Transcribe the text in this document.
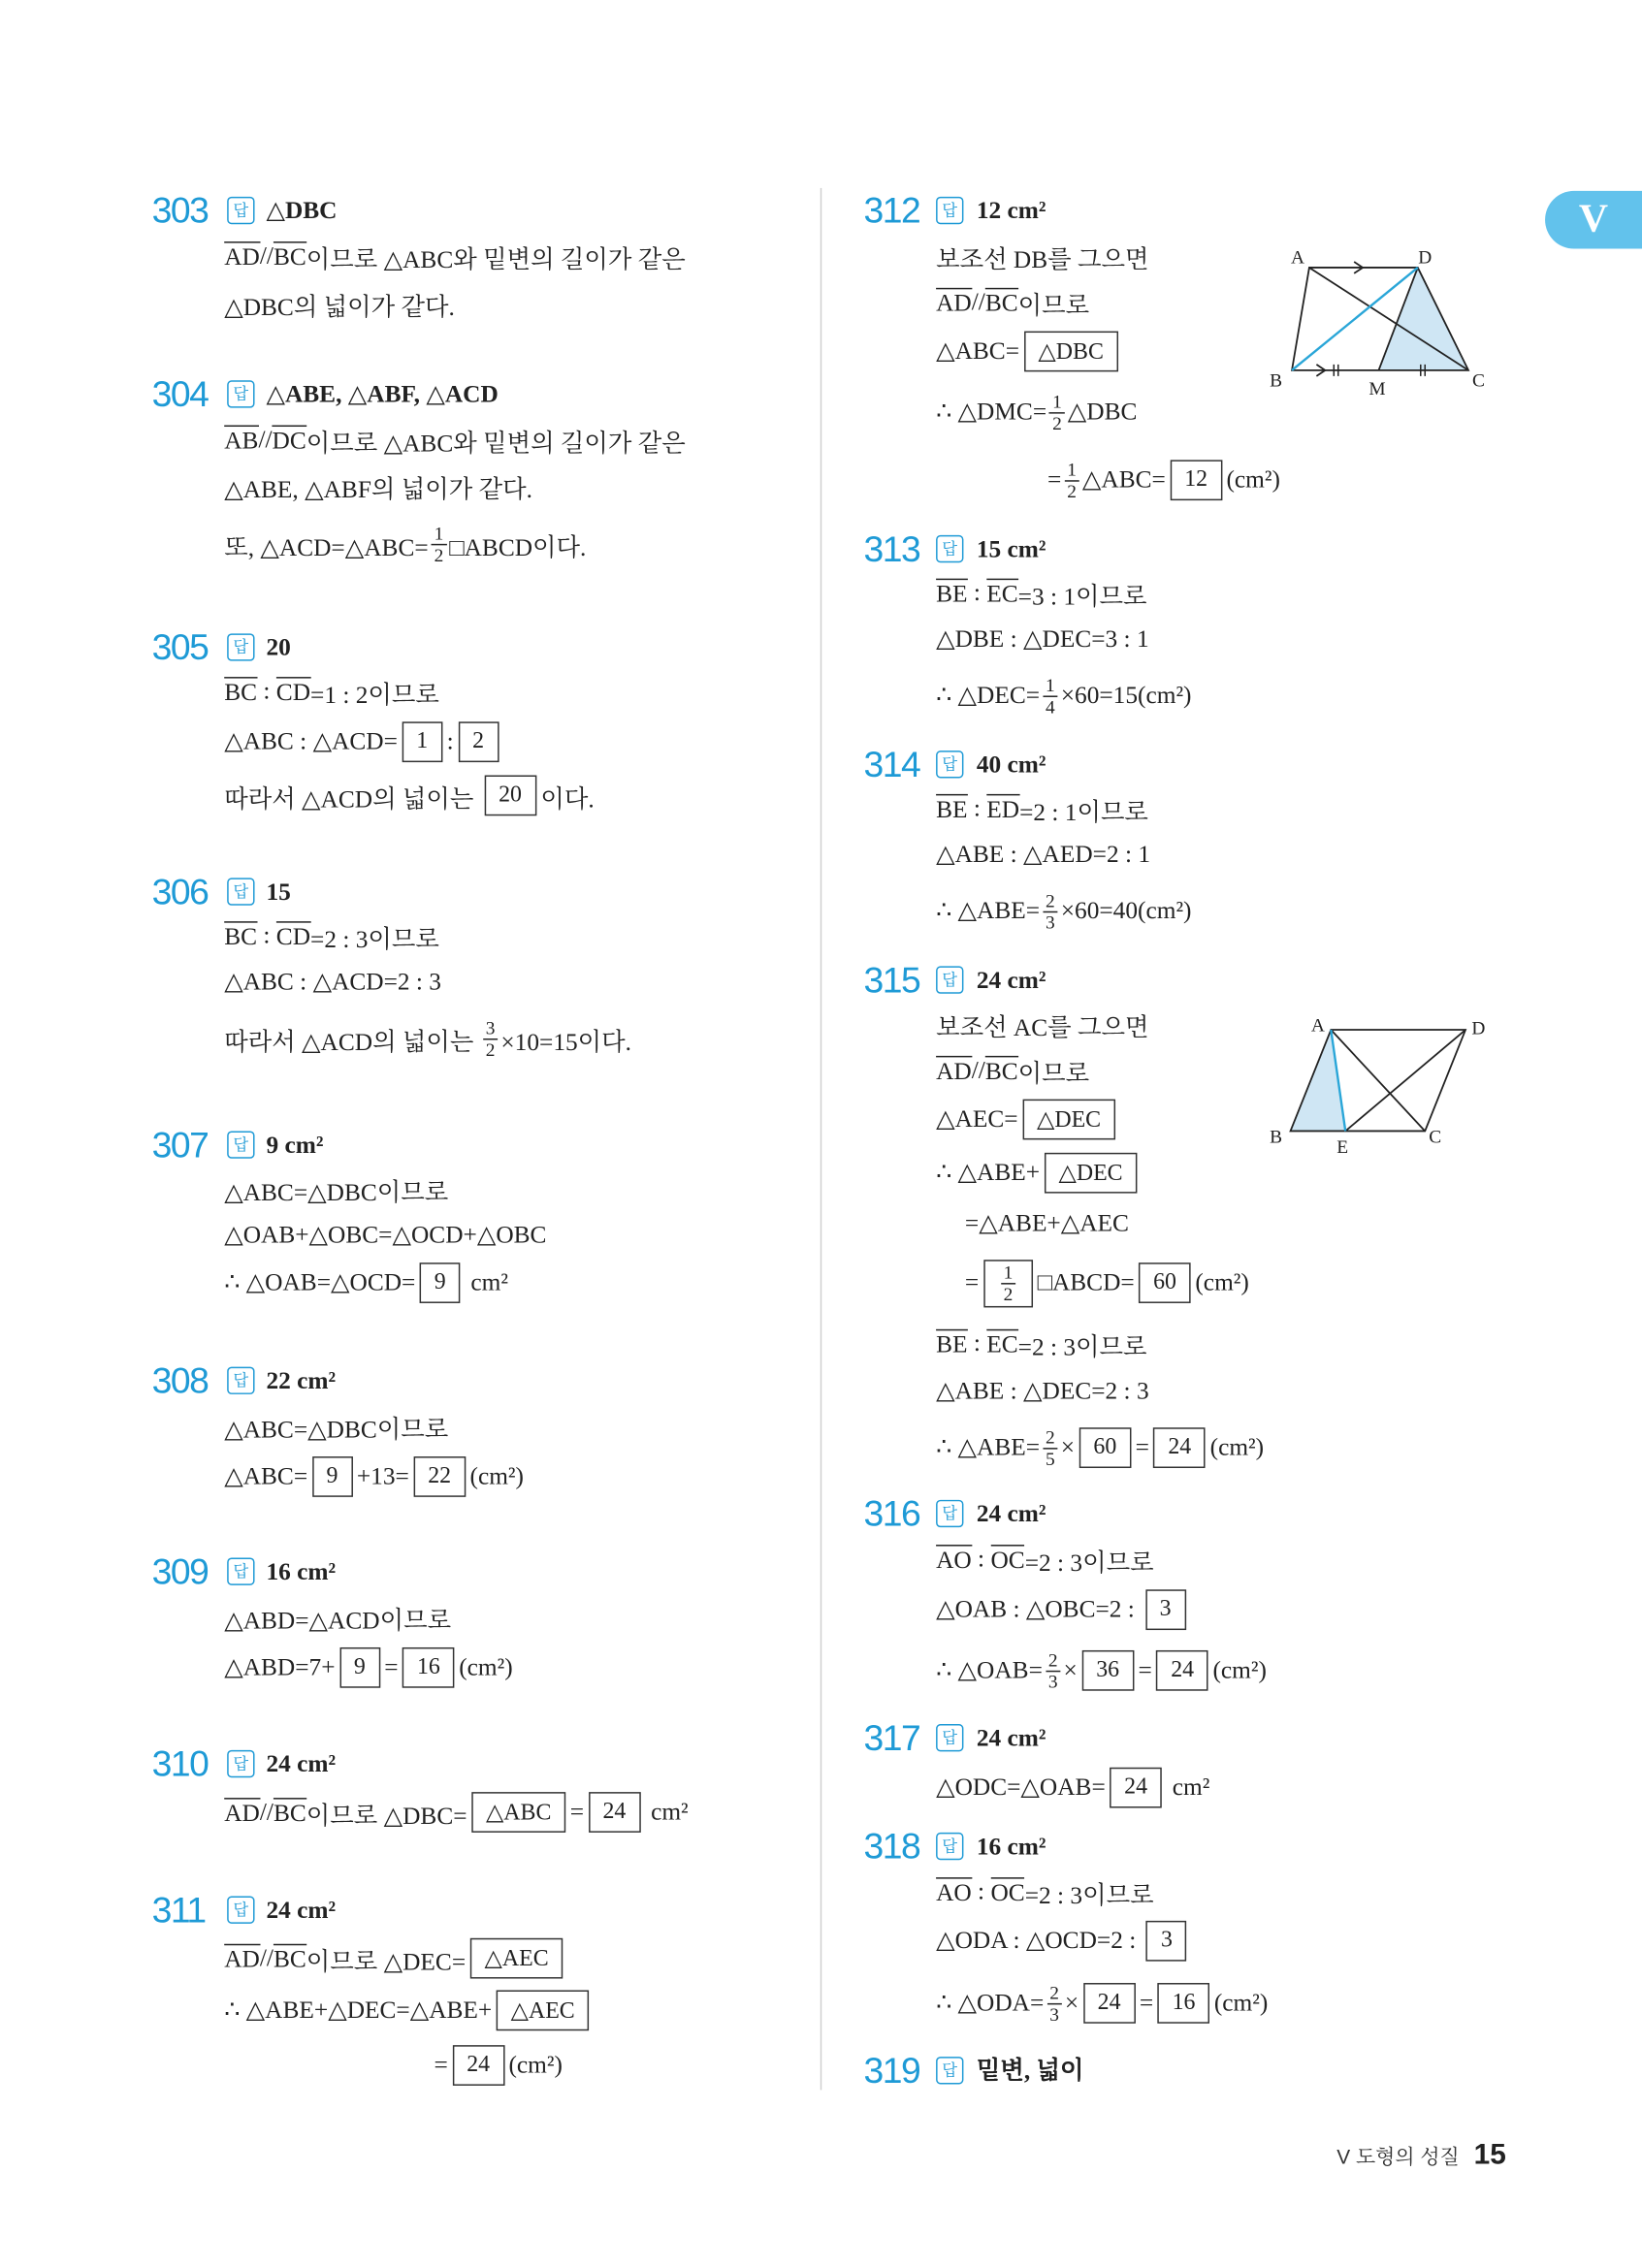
V
A	D
B	M	C
A	D
B	E	C
V 도형의 성질 15
303	답	△DBC
AD // BC 이므로 △ABC와 밑변의 길이가 같은
△DBC의 넓이가 같다.
304	답	△ABE, △ABF, △ACD
AB // DC 이므로 △ABC와 밑변의 길이가 같은
△ABE, △ABF의 넓이가 같다.
또, △ACD=△ABC= $\frac{1}{2}$ □ABCD이다.
305	답	20
BC : CD =1 : 2이므로
△ABC : △ACD=	1	:	2
따라서 △ACD의 넓이는	20	이다.
306	답	15
BC : CD =2 : 3이므로
△ABC : △ACD=2 : 3
따라서 △ACD의 넓이는 $\frac{3}{2} \times 10=15$이다.
307	답	9 cm²
△ABC=△DBC이므로
△OAB+△OBC=△OCD+△OBC
∴ △OAB=△OCD=	9	cm²
308	답	22 cm²
△ABC=△DBC이므로
△ABC=	9	+13=	22	(cm²)
309	답	16 cm²
△ABD=△ACD이므로
△ABD=7+	9	=	16	(cm²)
310	답	24 cm²
AD // BC 이므로 △DBC=	△ABC	=	24	cm²
311	답	24 cm²
AD // BC 이므로 △DEC=	△AEC
∴ △ABE+△DEC=△ABE+	△AEC
=	24	(cm²)
312	답	12 cm²
보조선 DB를 그으면
AD // BC 이므로
△ABC=	△DBC
∴ △DMC= $\frac{1}{2}$ △DBC
= $\frac{1}{2}$ △ABC=	12	(cm²)
313	답	15 cm²
BE : EC =3 : 1이므로
△DBE : △DEC=3 : 1
∴ △DEC= $\frac{1}{4} \times 60=15(cm^2)$
314	답	40 cm²
BE : ED =2 : 1이므로
△ABE : △AED=2 : 1
∴ △ABE= $\frac{2}{3} \times 60=40(cm^2)$
315	답	24 cm²
보조선 AC를 그으면
AD // BC 이므로
△AEC=	△DEC
∴ △ABE+	△DEC
=△ABE+△AEC
= $\frac{1}{2}$ □ABCD=	60	(cm²)
BE : EC =2 : 3이므로
△ABE : △DEC=2 : 3
∴ △ABE= $\frac{2}{5}$ ×	60	=	24	(cm²)
316	답	24 cm²
AO : OC =2 : 3이므로
△OAB : △OBC=2 :	3
∴ △OAB= $\frac{2}{3}$ ×	36	=	24	(cm²)
317	답	24 cm²
△ODC=△OAB=	24	cm²
318	답	16 cm²
AO : OC =2 : 3이므로
△ODA : △OCD=2 :	3
∴ △ODA= $\frac{2}{3}$ ×	24	=	16	(cm²)
319	답	밑변, 넓이
